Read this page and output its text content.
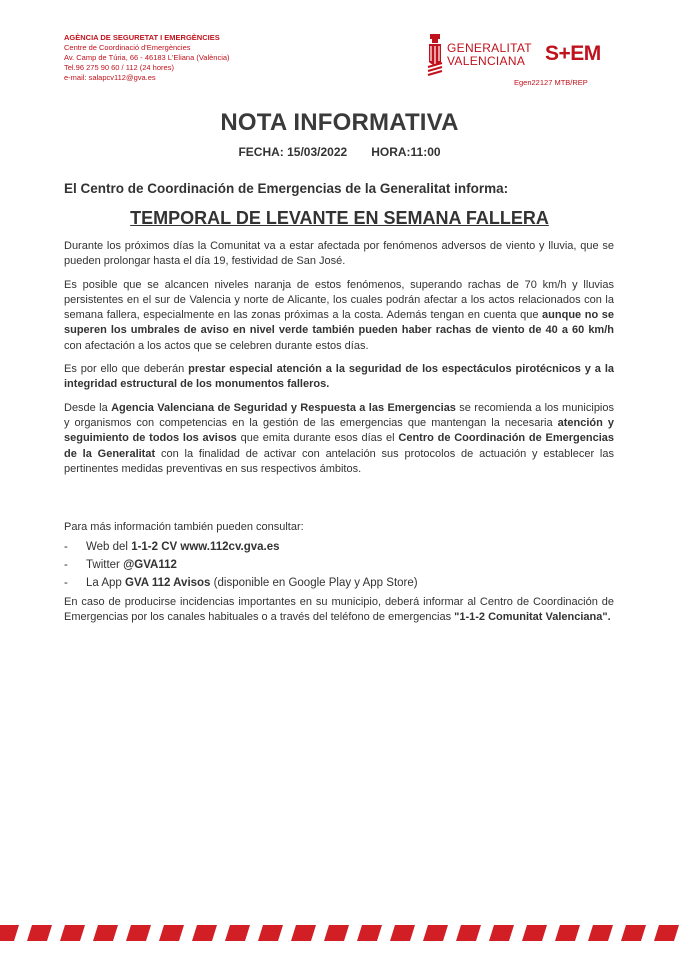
AGÈNCIA DE SEGURETAT I EMERGÈNCIES
Centre de Coordinació d'Emergències
Av. Camp de Túria, 66 - 46183 L'Eliana (València)
Tel.96 275 90 60 / 112 (24 hores)
e-mail: salapcv112@gva.es
GENERALITAT
VALENCIANA S+EM
Egen22127 MTB/REP
NOTA INFORMATIVA
FECHA: 15/03/2022 HORA:11:00
El Centro de Coordinación de Emergencias de la Generalitat informa:
TEMPORAL DE LEVANTE EN SEMANA FALLERA

Durante los próximos días la Comunitat va a estar afectada por fenómenos adversos de viento y lluvia, que se pueden prolongar hasta el día 19, festividad de San José.

Es posible que se alcancen niveles naranja de estos fenómenos, superando rachas de 70 km/h y lluvias persistentes en el sur de Valencia y norte de Alicante, los cuales podrán afectar a los actos relacionados con la semana fallera, especialmente en las zonas próximas a la costa. Además tengan en cuenta que aunque no se superen los umbrales de aviso en nivel verde también pueden haber rachas de viento de 40 a 60 km/h con afectación a los actos que se celebren durante estos días.

Es por ello que deberán prestar especial atención a la seguridad de los espectáculos pirotécnicos y a la integridad estructural de los monumentos falleros.

Desde la Agencia Valenciana de Seguridad y Respuesta a las Emergencias se recomienda a los municipios y organismos con competencias en la gestión de las emergencias que mantengan la necesaria atención y seguimiento de todos los avisos que emita durante esos días el Centro de Coordinación de Emergencias de la Generalitat con la finalidad de activar con antelación sus protocolos de actuación y establecer las pertinentes medidas preventivas en sus respectivos ámbitos.

Para más información también pueden consultar:
- Web del 1-1-2 CV www.112cv.gva.es
- Twitter @GVA112
- La App GVA 112 Avisos (disponible en Google Play y App Store)
En caso de producirse incidencias importantes en su municipio, deberá informar al Centro de Coordinación de Emergencias por los canales habituales o a través del teléfono de emergencias "1-1-2 Comunitat Valenciana".
